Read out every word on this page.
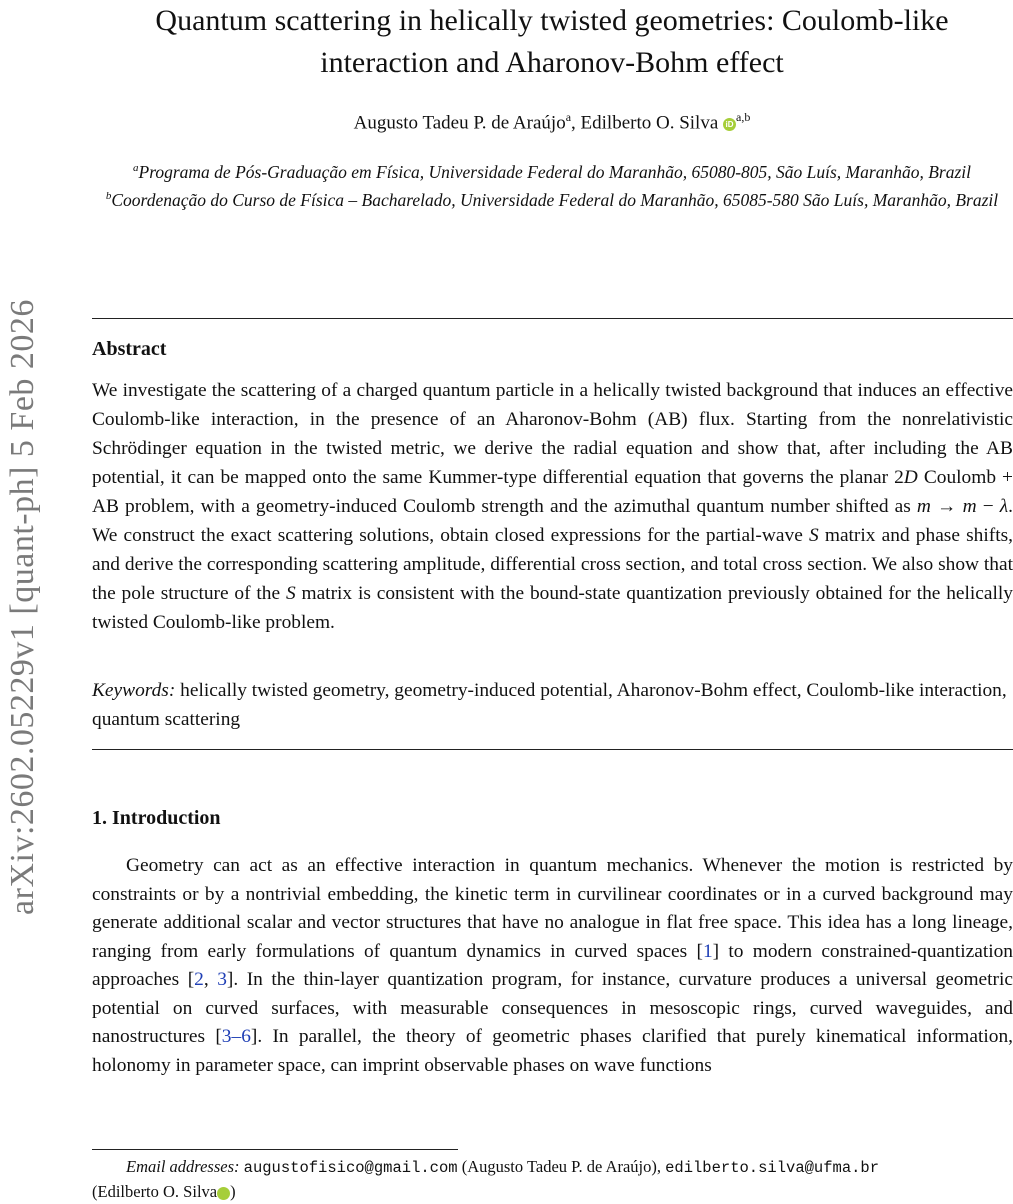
arXiv:2602.05229v1 [quant-ph] 5 Feb 2026
Quantum scattering in helically twisted geometries: Coulomb-like interaction and Aharonov-Bohm effect
Augusto Tadeu P. de Araújo$^a$, Edilberto O. Silva iD$^{a,b}$

$^a$Programa de Pós-Graduação em Física, Universidade Federal do Maranhão, 65080-805, São Luís, Maranhão, Brazil

$^b$Coordenação do Curso de Física – Bacharelado, Universidade Federal do Maranhão, 65085-580 São Luís, Maranhão, Brazil

Abstract

We investigate the scattering of a charged quantum particle in a helically twisted background that induces an effective Coulomb-like interaction, in the presence of an Aharonov-Bohm (AB) flux. Starting from the nonrelativistic Schrödinger equation in the twisted metric, we derive the radial equation and show that, after including the AB potential, it can be mapped onto the same Kummer-type differential equation that governs the planar 2D Coulomb + AB problem, with a geometry-induced Coulomb strength and the azimuthal quantum number shifted as m → m − λ. We construct the exact scattering solutions, obtain closed expressions for the partial-wave S matrix and phase shifts, and derive the corresponding scattering amplitude, differential cross section, and total cross section. We also show that the pole structure of the S matrix is consistent with the bound-state quantization previously obtained for the helically twisted Coulomb-like problem.

Keywords: helically twisted geometry, geometry-induced potential, Aharonov-Bohm effect, Coulomb-like interaction, quantum scattering

1. Introduction

Geometry can act as an effective interaction in quantum mechanics. Whenever the motion is restricted by constraints or by a nontrivial embedding, the kinetic term in curvilinear coordinates or in a curved background may generate additional scalar and vector structures that have no analogue in flat free space. This idea has a long lineage, ranging from early formulations of quantum dynamics in curved spaces [1] to modern constrained-quantization approaches [2, 3]. In the thin-layer quantization program, for instance, curvature produces a universal geometric potential on curved surfaces, with measurable consequences in mesoscopic rings, curved waveguides, and nanostructures [3–6]. In parallel, the theory of geometric phases clarified that purely kinematical information, holonomy in parameter space, can imprint observable phases on wave functions

Email addresses: augustofisico@gmail.com (Augusto Tadeu P. de Araújo), edilberto.silva@ufma.br
(Edilberto O. Silva	iD)
